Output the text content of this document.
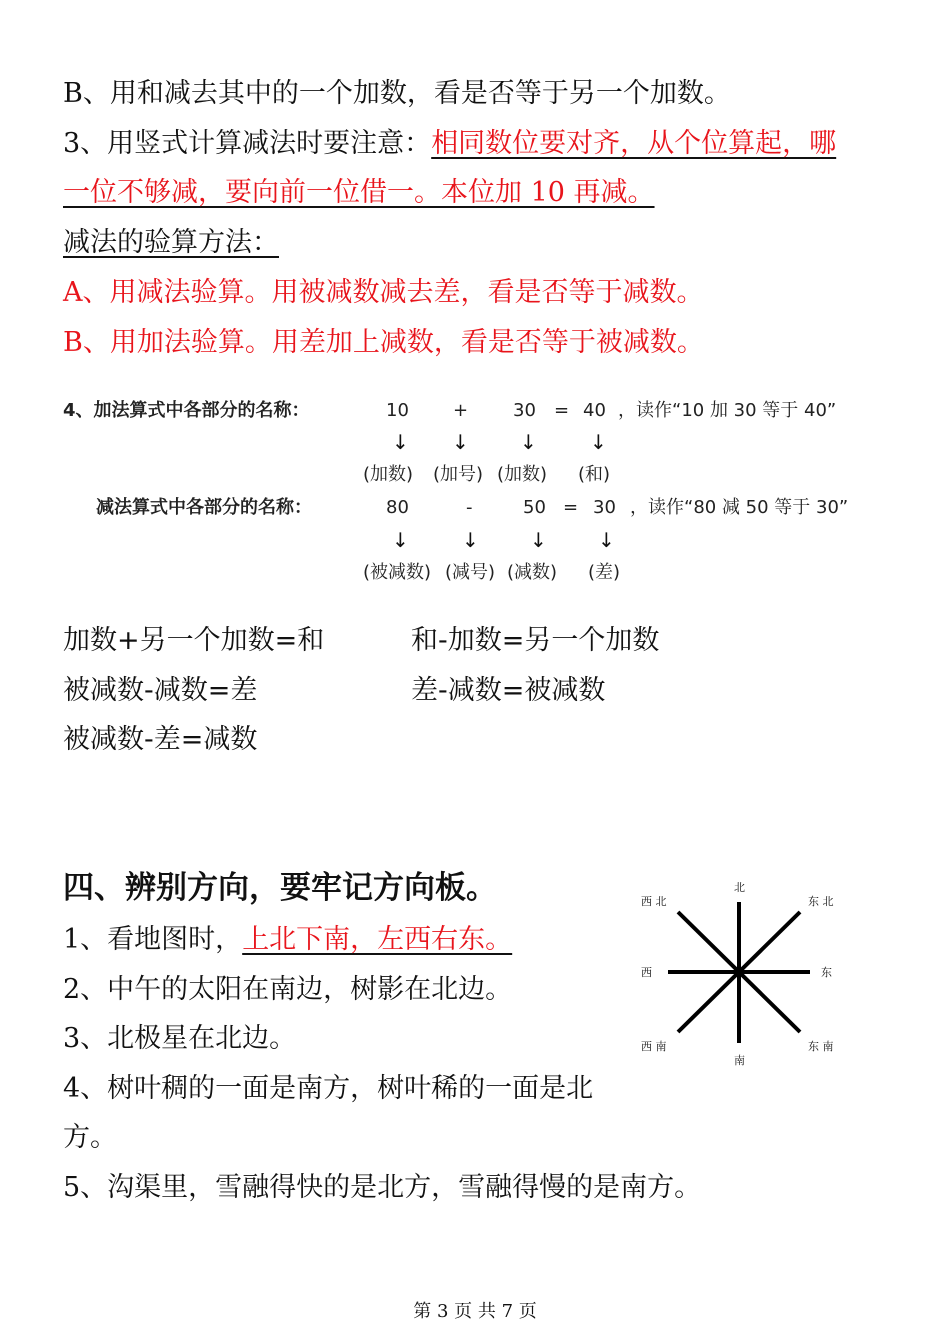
B、用和减去其中的一个加数，看是否等于另一个加数。
3、用竖式计算减法时要注意：相同数位要对齐，从个位算起，哪
一位不够减，要向前一位借一。本位加 10 再减。
减法的验算方法：
A、用减法验算。用被减数减去差，看是否等于减数。
B、用加法验算。用差加上减数，看是否等于被减数。
4、加法算式中各部分的名称：	10 + 30 = 40 ，读作“10 加 30 等于 40”
↓ ↓	↓	↓
(加数) (加号) (加数) (和)
减法算式中各部分的名称：	80	-	50 = 30 ，读作“80 减 50 等于 30”
↓	↓	↓	↓
(被减数) (减号) (减数) (差)
加数+另一个加数=和	和-加数=另一个加数
被减数-减数=差	差-减数=被减数
被减数-差=减数
四、辨别方向，要牢记方向板。
1、看地图时，上北下南，左西右东。
2、中午的太阳在南边，树影在北边。
3、北极星在北边。
4、树叶稠的一面是南方，树叶稀的一面是北
方。
5、沟渠里，雪融得快的是北方，雪融得慢的是南方。
北
南
西	东
西 北	东 北
西 南	东 南
第 3 页 共 7 页
